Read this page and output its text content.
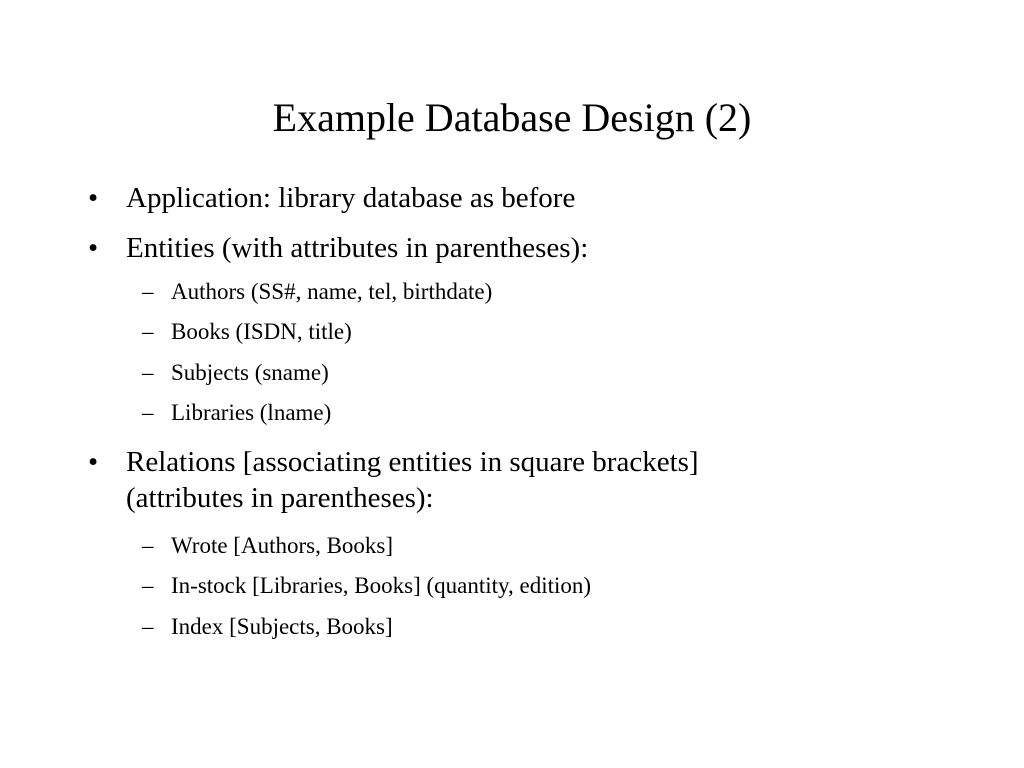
Example Database Design (2)
• Application: library database as before
• Entities (with attributes in parentheses):
– Authors (SS#, name, tel, birthdate)
– Books (ISDN, title)
– Subjects (sname)
– Libraries (lname)
• Relations [associating entities in square brackets]
(attributes in parentheses):
– Wrote [Authors, Books]
– In-stock [Libraries, Books] (quantity, edition)
– Index [Subjects, Books]
